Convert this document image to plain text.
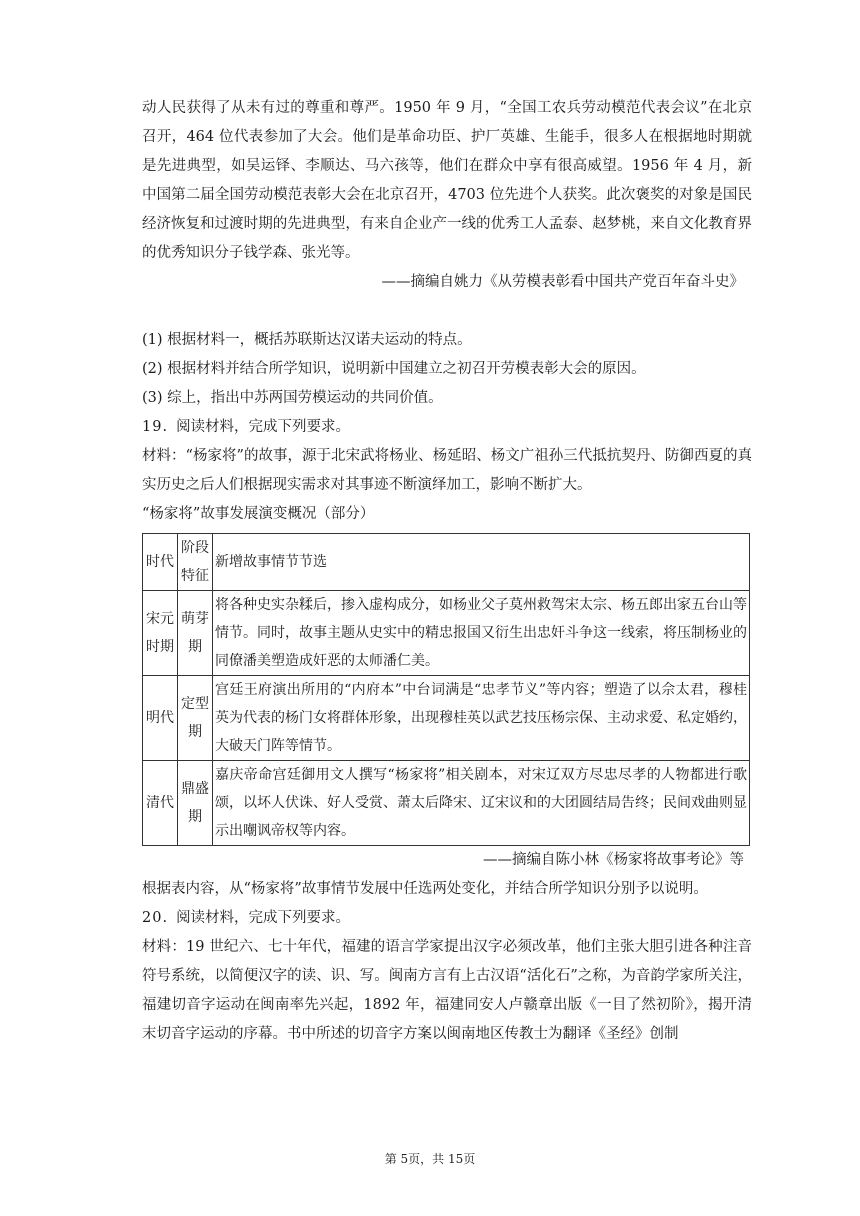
动人民获得了从未有过的尊重和尊严。1950 年 9 月，“全国工农兵劳动模范代表会议”在北京召开，464 位代表参加了大会。他们是革命功臣、护厂英雄、生能手，很多人在根据地时期就是先进典型，如吴运铎、李顺达、马六孩等，他们在群众中享有很高威望。1956 年 4 月，新中国第二届全国劳动模范表彰大会在北京召开，4703 位先进个人获奖。此次褒奖的对象是国民经济恢复和过渡时期的先进典型，有来自企业产一线的优秀工人孟泰、赵梦桃，来自文化教育界的优秀知识分子钱学森、张光等。

——摘编自姚力《从劳模表彰看中国共产党百年奋斗史》

(1) 根据材料一，概括苏联斯达汉诺夫运动的特点。

(2) 根据材料并结合所学知识，说明新中国建立之初召开劳模表彰大会的原因。

(3) 综上，指出中苏两国劳模运动的共同价值。

19. 阅读材料，完成下列要求。

材料：“杨家将”的故事，源于北宋武将杨业、杨延昭、杨文广祖孙三代抵抗契丹、防御西夏的真实历史之后人们根据现实需求对其事迹不断演绎加工，影响不断扩大。

“杨家将”故事发展演变概况（部分）

时代	阶段特征	新增故事情节节选
宋元时期	萌芽期	将各种史实杂糅后，掺入虚构成分，如杨业父子莫州救驾宋太宗、杨五郎出家五台山等情节。同时，故事主题从史实中的精忠报国又衍生出忠奸斗争这一线索，将压制杨业的同僚潘美塑造成奸恶的太师潘仁美。
明代	定型期	宫廷王府演出所用的“内府本”中台词满是“忠孝节义”等内容；塑造了以佘太君，穆桂英为代表的杨门女将群体形象，出现穆桂英以武艺技压杨宗保、主动求爱、私定婚约，大破天门阵等情节。
清代	鼎盛期	嘉庆帝命宫廷御用文人撰写“杨家将”相关剧本，对宋辽双方尽忠尽孝的人物都进行歌颂，以坏人伏诛、好人受赏、萧太后降宋、辽宋议和的大团圆结局告终；民间戏曲则显示出嘲讽帝权等内容。

——摘编自陈小林《杨家将故事考论》等

根据表内容，从“杨家将”故事情节发展中任选两处变化，并结合所学知识分别予以说明。

20. 阅读材料，完成下列要求。

材料：19 世纪六、七十年代，福建的语言学家提出汉字必须改革，他们主张大胆引进各种注音符号系统，以简便汉字的读、识、写。闽南方言有上古汉语“活化石”之称，为音韵学家所关注，福建切音字运动在闽南率先兴起，1892 年，福建同安人卢赣章出版《一目了然初阶》，揭开清末切音字运动的序幕。书中所述的切音字方案以闽南地区传教士为翻译《圣经》创制

第 5页，共 15页
